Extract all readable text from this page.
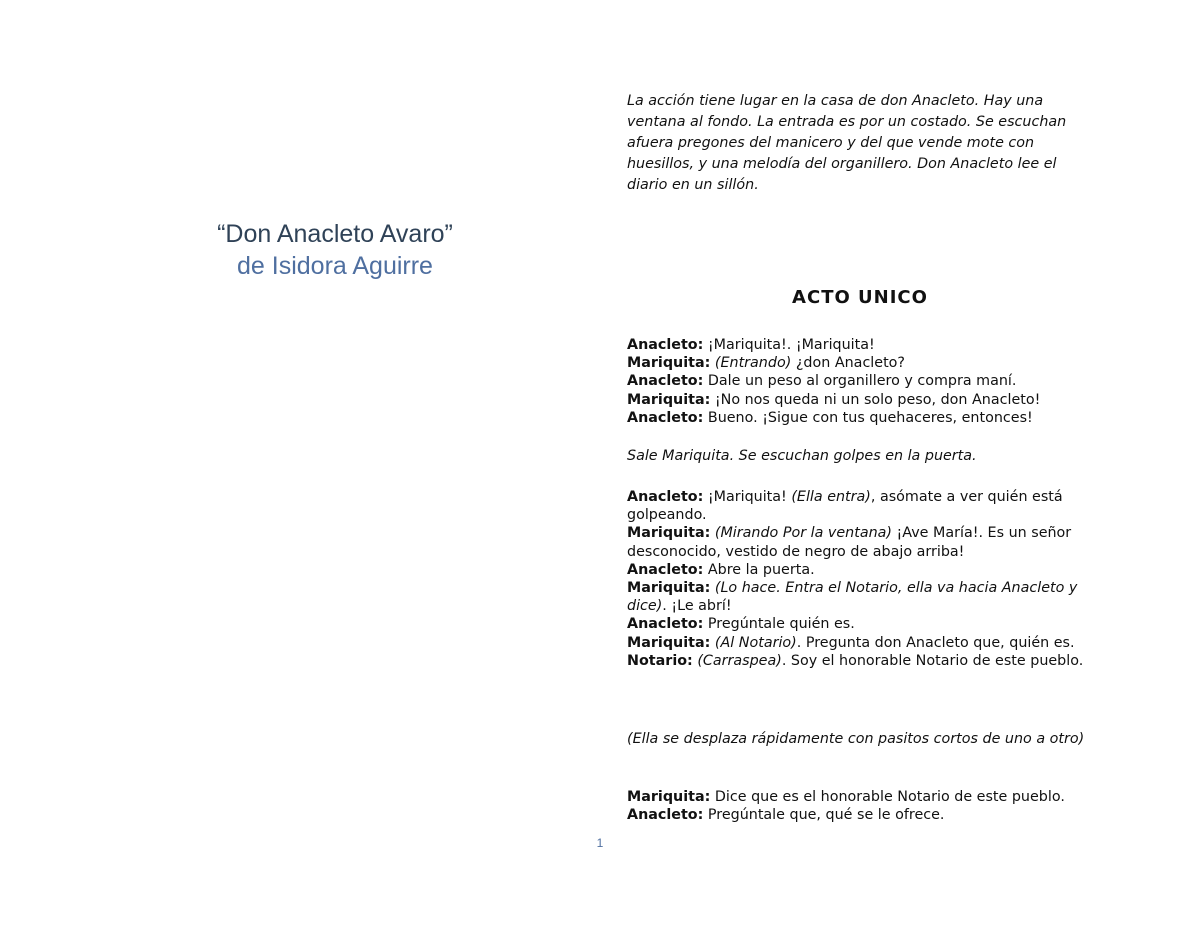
“Don Anacleto Avaro”
de Isidora Aguirre
La acción tiene lugar en la casa de don Anacleto. Hay una ventana al fondo. La entrada es por un costado. Se escuchan afuera pregones del manicero y del que vende mote con huesillos, y una melodía del organillero. Don Anacleto lee el diario en un sillón.
ACTO UNICO

Anacleto: ¡Mariquita!. ¡Mariquita!

Mariquita: (Entrando) ¿don Anacleto?

Anacleto: Dale un peso al organillero y compra maní.

Mariquita: ¡No nos queda ni un solo peso, don Anacleto!

Anacleto: Bueno. ¡Sigue con tus quehaceres, entonces!

Sale Mariquita. Se escuchan golpes en la puerta.

Anacleto: ¡Mariquita! (Ella entra), asómate a ver quién está golpeando.

Mariquita: (Mirando Por la ventana) ¡Ave María!. Es un señor desconocido, vestido de negro de abajo arriba!

Anacleto: Abre la puerta.

Mariquita: (Lo hace. Entra el Notario, ella va hacia Anacleto y dice). ¡Le abrí!

Anacleto: Pregúntale quién es.

Mariquita: (Al Notario). Pregunta don Anacleto que, quién es.

Notario: (Carraspea). Soy el honorable Notario de este pueblo.

(Ella se desplaza rápidamente con pasitos cortos de uno a otro)

Mariquita: Dice que es el honorable Notario de este pueblo.

Anacleto: Pregúntale que, qué se le ofrece.

1
